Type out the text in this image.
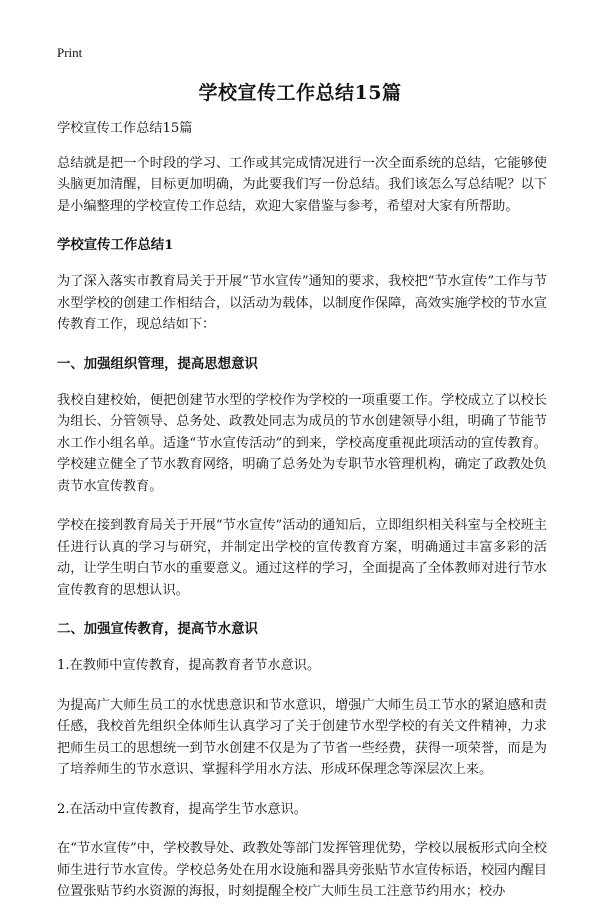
Print
学校宣传工作总结15篇

学校宣传工作总结15篇

总结就是把一个时段的学习、工作或其完成情况进行一次全面系统的总结，它能够使头脑更加清醒，目标更加明确，为此要我们写一份总结。我们该怎么写总结呢？以下是小编整理的学校宣传工作总结，欢迎大家借鉴与参考，希望对大家有所帮助。

学校宣传工作总结1

为了深入落实市教育局关于开展“节水宣传”通知的要求，我校把“节水宣传”工作与节水型学校的创建工作相结合，以活动为载体，以制度作保障，高效实施学校的节水宣传教育工作，现总结如下：

一、加强组织管理，提高思想意识

我校自建校始，便把创建节水型的学校作为学校的一项重要工作。学校成立了以校长为组长、分管领导、总务处、政教处同志为成员的节水创建领导小组，明确了节能节水工作小组名单。适逢“节水宣传活动”的到来，学校高度重视此项活动的宣传教育。学校建立健全了节水教育网络，明确了总务处为专职节水管理机构，确定了政教处负责节水宣传教育。

学校在接到教育局关于开展“节水宣传”活动的通知后，立即组织相关科室与全校班主任进行认真的学习与研究，并制定出学校的宣传教育方案，明确通过丰富多彩的活动，让学生明白节水的重要意义。通过这样的学习，全面提高了全体教师对进行节水宣传教育的思想认识。

二、加强宣传教育，提高节水意识

1.在教师中宣传教育，提高教育者节水意识。

为提高广大师生员工的水忧患意识和节水意识，增强广大师生员工节水的紧迫感和责任感，我校首先组织全体师生认真学习了关于创建节水型学校的有关文件精神，力求把师生员工的思想统一到节水创建不仅是为了节省一些经费，获得一项荣誉，而是为了培养师生的节水意识、掌握科学用水方法、形成环保理念等深层次上来。

2.在活动中宣传教育，提高学生节水意识。

在“节水宣传”中，学校教导处、政教处等部门发挥管理优势，学校以展板形式向全校师生进行节水宣传。学校总务处在用水设施和器具旁张贴节水宣传标语，校园内醒目位置张贴节约水资源的海报，时刻提醒全校广大师生员工注意节约用水；校办
